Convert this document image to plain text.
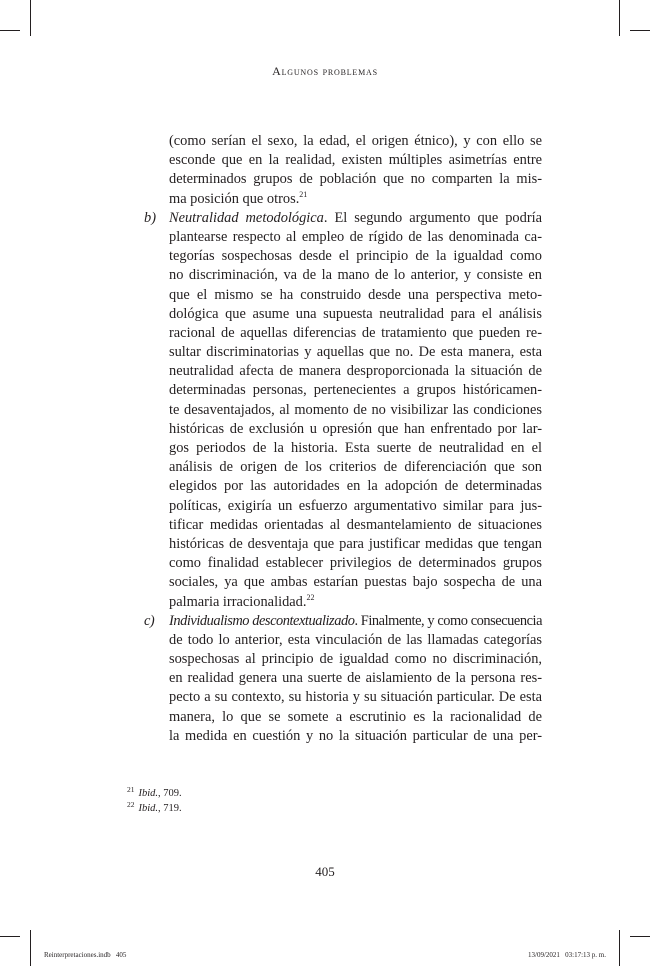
Algunos problemas
(como serían el sexo, la edad, el origen étnico), y con ello se
esconde que en la realidad, existen múltiples asimetrías entre
determinados grupos de población que no comparten la mis-
ma posición que otros.$^{21}$
b) Neutralidad metodológica. El segundo argumento que podría
plantearse respecto al empleo de rígido de las denominada ca-
tegorías sospechosas desde el principio de la igualdad como
no discriminación, va de la mano de lo anterior, y consiste en
que el mismo se ha construido desde una perspectiva meto-
dológica que asume una supuesta neutralidad para el análisis
racional de aquellas diferencias de tratamiento que pueden re-
sultar discriminatorias y aquellas que no. De esta manera, esta
neutralidad afecta de manera desproporcionada la situación de
determinadas personas, pertenecientes a grupos históricamen-
te desaventajados, al momento de no visibilizar las condiciones
históricas de exclusión u opresión que han enfrentado por lar-
gos periodos de la historia. Esta suerte de neutralidad en el
análisis de origen de los criterios de diferenciación que son
elegidos por las autoridades en la adopción de determinadas
políticas, exigiría un esfuerzo argumentativo similar para jus-
tificar medidas orientadas al desmantelamiento de situaciones
históricas de desventaja que para justificar medidas que tengan
como finalidad establecer privilegios de determinados grupos
sociales, ya que ambas estarían puestas bajo sospecha de una
palmaria irracionalidad.$^{22}$
c) Individualismo descontextualizado. Finalmente, y como consecuencia
de todo lo anterior, esta vinculación de las llamadas categorías
sospechosas al principio de igualdad como no discriminación,
en realidad genera una suerte de aislamiento de la persona res-
pecto a su contexto, su historia y su situación particular. De esta
manera, lo que se somete a escrutinio es la racionalidad de
la medida en cuestión y no la situación particular de una per-
$^{21}$ Ibid., 709.
$^{22}$ Ibid., 719.
405
Reinterpretaciones.indb   405	13/09/2021   03:17:13 p. m.
